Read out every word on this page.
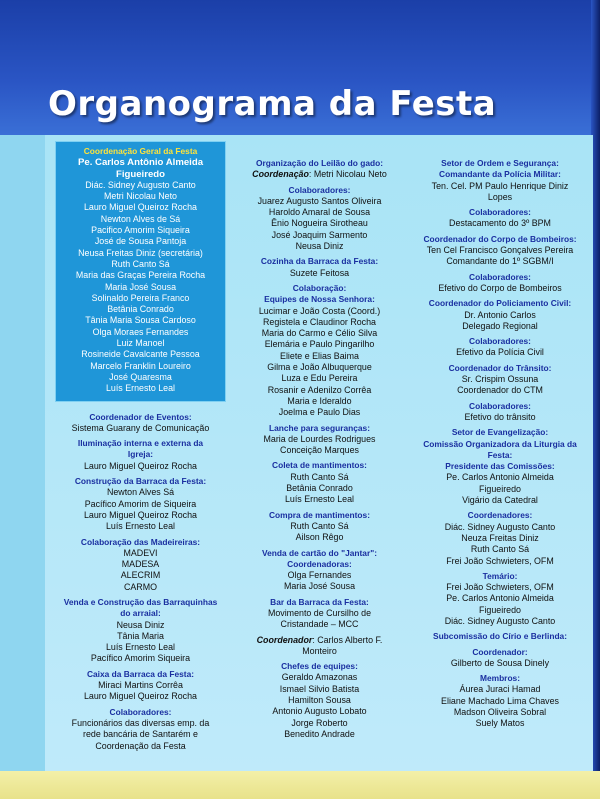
Organograma da Festa
Coordenação Geral da Festa
Pe. Carlos Antônio Almeida
Figueiredo
Diác. Sidney Augusto Canto
Metri Nicolau Neto
Lauro Miguel Queiroz Rocha
Newton Alves de Sá
Pacifico Amorim Siqueira
José de Sousa Pantoja
Neusa Freitas Diniz (secretária)
Ruth Canto Sá
Maria das Graças Pereira Rocha
Maria José Sousa
Solinaldo Pereira Franco
Betânia Conrado
Tânia Maria Sousa Cardoso
Olga Moraes Fernandes
Luiz Manoel
Rosineide Cavalcante Pessoa
Marcelo Franklin Loureiro
José Quaresma
Luís Ernesto Leal
Coordenador de Eventos:
Sistema Guarany de Comunicação
Iluminação interna e externa da
Igreja:
Lauro Miguel Queiroz Rocha
Construção da Barraca da Festa:
Newton Alves Sá
Pacífico Amorim de Siqueira
Lauro Miguel Queiroz Rocha
Luís Ernesto Leal
Colaboração das Madeireiras:
MADEVI
MADESA
ALECRIM
CARMO
Venda e Construção das Barraquinhas
do arraial:
Neusa Diniz
Tânia Maria
Luís Ernesto Leal
Pacífico Amorim Siqueira
Caixa da Barraca da Festa:
Miraci Martins Corrêa
Lauro Miguel Queiroz Rocha
Colaboradores:
Funcionários das diversas emp. da
rede bancária de Santarém e
Coordenação da Festa
Organização do Leilão do gado:
Coordenação: Metri Nicolau Neto
Colaboradores:
Juarez Augusto Santos Oliveira
Haroldo Amaral de Sousa
Ênio Nogueira Sirotheau
José Joaquim Sarmento
Neusa Diniz
Cozinha da Barraca da Festa:
Suzete Feitosa
Colaboração:
Equipes de Nossa Senhora:
Lucimar e João Costa (Coord.)
Registela e Claudinor Rocha
Maria do Carmo e Célio Silva
Elemária e Paulo Pingarilho
Eliete e Elias Baima
Gilma e João Albuquerque
Luza e Edu Pereira
Rosanir e Adenilzo Corrêa
Maria e Ideraldo
Joelma e Paulo Dias
Lanche para seguranças:
Maria de Lourdes Rodrigues
Conceição Marques
Coleta de mantimentos:
Ruth Canto Sá
Betânia Conrado
Luís Ernesto Leal
Compra de mantimentos:
Ruth Canto Sá
Ailson Rêgo
Venda de cartão do "Jantar":
Coordenadoras:
Olga Fernandes
Maria José Sousa
Bar da Barraca da Festa:
Movimento de Cursilho de
Cristandade – MCC
Coordenador: Carlos Alberto F.
Monteiro
Chefes de equipes:
Geraldo Amazonas
Ismael Silvio Batista
Hamilton Sousa
Antonio Augusto Lobato
Jorge Roberto
Benedito Andrade
Setor de Ordem e Segurança:
Comandante da Polícia Militar:
Ten. Cel. PM Paulo Henrique Diniz
Lopes
Colaboradores:
Destacamento do 3º BPM
Coordenador do Corpo de Bombeiros:
Ten Cel Francisco Gonçalves Pereira
Comandante do 1º SGBM/I
Colaboradores:
Efetivo do Corpo de Bombeiros
Coordenador do Policiamento Civil:
Dr. Antonio Carlos
Delegado Regional
Colaboradores:
Efetivo da Polícia Civil
Coordenador do Trânsito:
Sr. Crispim Ossuna
Coordenador do CTM
Colaboradores:
Efetivo do trânsito
Setor de Evangelização:
Comissão Organizadora da Liturgia da
Festa:
Presidente das Comissões:
Pe. Carlos Antonio Almeida
Figueiredo
Vigário da Catedral
Coordenadores:
Diác. Sidney Augusto Canto
Neuza Freitas Diniz
Ruth Canto Sá
Frei João Schwieters, OFM
Temário:
Frei João Schwieters, OFM
Pe. Carlos Antonio Almeida
Figueiredo
Diác. Sidney Augusto Canto
Subcomissão do Círio e Berlinda:
Coordenador:
Gilberto de Sousa Dinely
Membros:
Áurea Juraci Hamad
Eliane Machado Lima Chaves
Madson Oliveira Sobral
Suely Matos
